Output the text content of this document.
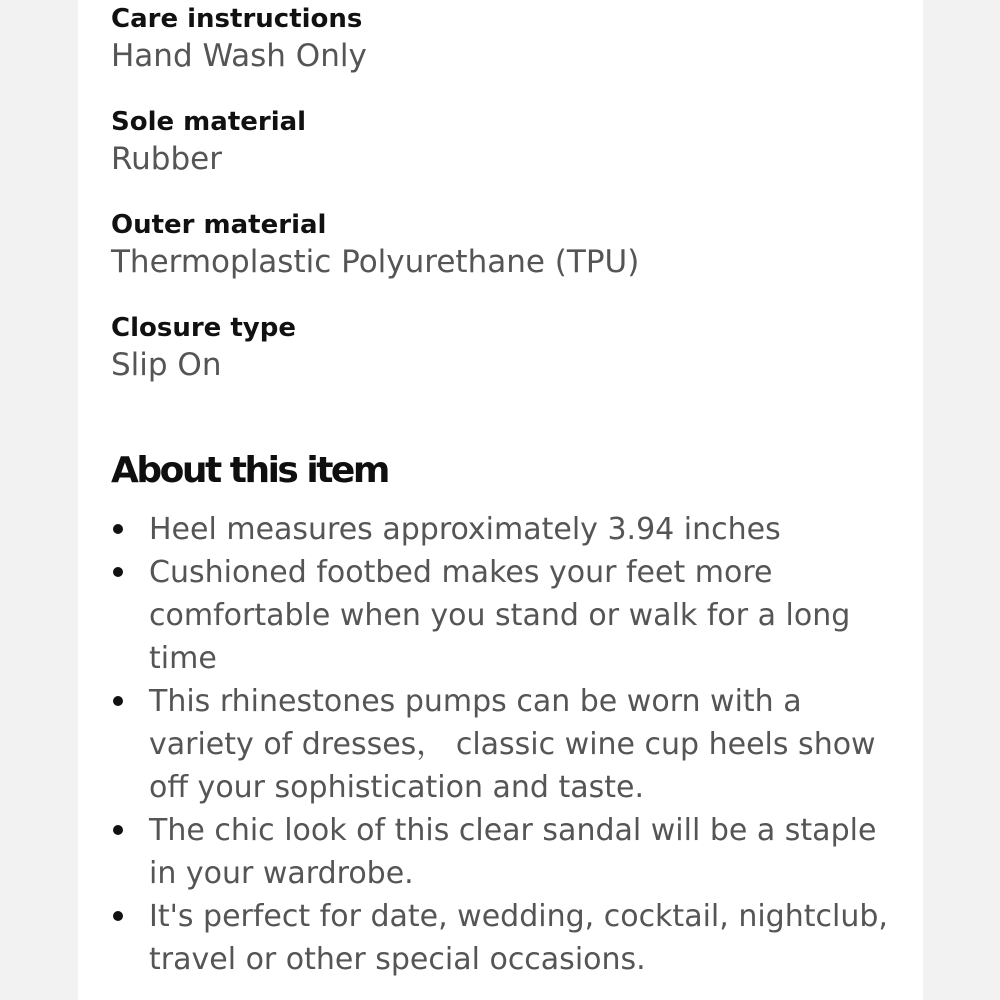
Care instructions
Hand Wash Only
Sole material
Rubber
Outer material
Thermoplastic Polyurethane (TPU)
Closure type
Slip On
About this item
Heel measures approximately 3.94 inches
Cushioned footbed makes your feet more comfortable when you stand or walk for a long time
This rhinestones pumps can be worn with a variety of dresses， classic wine cup heels show off your sophistication and taste.
The chic look of this clear sandal will be a staple in your wardrobe.
It's perfect for date, wedding, cocktail, nightclub, travel or other special occasions.
